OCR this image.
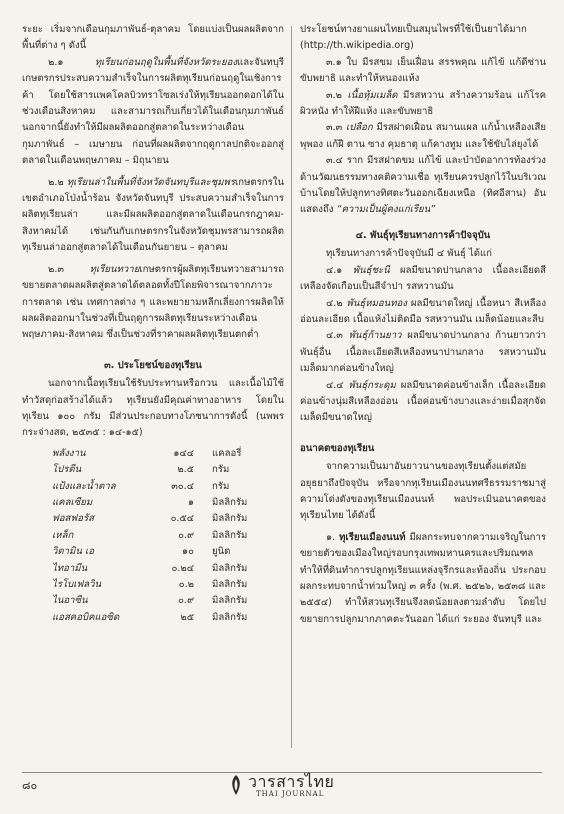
ระยะ เริ่มจากเดือนกุมภาพันธ์-ตุลาคม โดยแบ่งเป็นผลผลิตจากพื้นที่ต่าง ๆ ดังนี้

๒.๑ ทุเรียนก่อนฤดูในพื้นที่จังหวัดระยองและจันทบุรี เกษตรกรประสบความสำเร็จในการผลิตทุเรียนก่อนฤดูในเชิงการค้า โดยใช้สารแพคโคลบิวทราโซลเร่งให้ทุเรียนออกดอกได้ในช่วงเดือนสิงหาคม และสามารถเก็บเกี่ยวได้ในเดือนกุมภาพันธ์ นอกจากนี้ยังทำให้มีผลผลิตออกสู่ตลาดในระหว่างเดือนกุมภาพันธ์ – เมษายน ก่อนที่ผลผลิตจากฤดูกาลปกติจะออกสู่ตลาดในเดือนพฤษภาคม – มิถุนายน

๒.๒ ทุเรียนล่าในพื้นที่จังหวัดจันทบุรีและชุมพรเกษตรกรในเขตอำเภอโป่งน้ำร้อน จังหวัดจันทบุรี ประสบความสำเร็จในการผลิตทุเรียนล่า และมีผลผลิตออกสู่ตลาดในเดือนกรกฎาคม-สิงหาคมได้ เช่นกันกับเกษตรกรในจังหวัดชุมพรสามารถผลิตทุเรียนล่าออกสู่ตลาดได้ในเดือนกันยายน – ตุลาคม

๒.๓ ทุเรียนทวายเกษตรกรผู้ผลิตทุเรียนทวายสามารถขยายตลาดผลผลิตสู่ตลาดได้ตลอดทั้งปีโดยพิจารณาจากภาวะการตลาด เช่น เทศกาลต่าง ๆ และพยายามหลีกเลี่ยงการผลิตให้ผลผลิตออกมาในช่วงที่เป็นฤดูการผลิตทุเรียนระหว่างเดือนพฤษภาคม-สิงหาคม ซึ่งเป็นช่วงที่ราคาผลผลิตทุเรียนตกต่ำ

๓. ประโยชน์ของทุเรียน

นอกจากเนื้อทุเรียนใช้รับประทานหรือกวน และเนื้อไม้ใช้ทำวัสดุก่อสร้างได้แล้ว ทุเรียนยังมีคุณค่าทางอาหาร โดยในทุเรียน ๑๐๐ กรัม มีส่วนประกอบทางโภชนาการดังนี้ (นพพร กระจ่างสด, ๒๕๓๕ : ๑๔-๑๕)

พลังงาน	๑๔๔	แคลอรี่
โปรตีน	๒.๕	กรัม
แป้งและน้ำตาล	๓๐.๔	กรัม
แคลเซียม	๑	มิลลิกรัม
ฟอสฟอรัส	๐.๕๔	มิลลิกรัม
เหล็ก	๐.๙	มิลลิกรัม
วิตามิน เอ	๑๐	ยูนิต
ไทอามีน	๐.๒๔	มิลลิกรัม
ไรโบเฟลวิน	๐.๒	มิลลิกรัม
ไนอาซีน	๐.๙	มิลลิกรัม
แอสคอบิคแอซิด	๒๕	มิลลิกรัม

ประโยชน์ทางยาแผนไทยเป็นสมุนไพรที่ใช้เป็นยาได้มาก (http://th.wikipedia.org)

๓.๑ ใบ มีรสขม เย็นเฝื่อน สรรพคุณ แก้ไข้ แก้ดีซ่าน ขับพยาธิ และทำให้หนองแห้ง

๓.๒ เนื้อหุ้มเมล็ด มีรสหวาน สร้างความร้อน แก้โรคผิวหนัง ทำให้ฝีแห้ง และขับพยาธิ

๓.๓ เปลือก มีรสฝาดเฝื่อน สมานแผล แก้น้ำเหลืองเสีย พุพอง แก้ฝี ตาน ซาง คุมธาตุ แก้คางทูม และใช้ขับไล่ยุงได้

๓.๔ ราก มีรสฝาดขม แก้ไข้ และบำบัดอาการท้องร่วง ด้านวัฒนธรรมทางคติความเชื่อ ทุเรียนควรปลูกไว้ในบริเวณบ้านโดยให้ปลูกทางทิศตะวันออกเฉียงเหนือ (ทิศอีสาน) อันแสดงถึง “ความเป็นผู้คงแก่เรียน”

๔. พันธุ์ทุเรียนทางการค้าปัจจุบัน

ทุเรียนทางการค้าปัจจุบันมี ๔ พันธุ์ ได้แก่

๔.๑ พันธุ์ชะนี ผลมีขนาดปานกลาง เนื้อละเอียดสีเหลืองจัดเกือบเป็นสีจำปา รสหวานมัน

๔.๒ พันธุ์หมอนทอง ผลมีขนาดใหญ่ เนื้อหนา สีเหลืองอ่อนละเอียด เนื้อแห้งไม่ติดมือ รสหวานมัน เมล็ดน้อยและลีบ

๔.๓ พันธุ์ก้านยาว ผลมีขนาดปานกลาง ก้านยาวกว่าพันธุ์อื่น เนื้อละเอียดสีเหลืองหนาปานกลาง รสหวานมัน เมล็ดมากค่อนข้างใหญ่

๔.๔ พันธุ์กระดุม ผลมีขนาดค่อนข้างเล็ก เนื้อละเอียดค่อนข้างนุ่มสีเหลืองอ่อน เนื้อค่อนข้างบางและง่ายเมื่อสุกจัด เมล็ดมีขนาดใหญ่

อนาคตของทุเรียน

จากความเป็นมาอันยาวนานของทุเรียนตั้งแต่สมัยอยุธยาถึงปัจจุบัน หรือจากทุเรียนเมืองนนทศรีธรรมราชมาสู่ความโด่งดังของทุเรียนเมืองนนท์ พอประเมินอนาคตของทุเรียนไทย ได้ดังนี้

๑. ทุเรียนเมืองนนท์ มีผลกระทบจากความเจริญในการขยายตัวของเมืองใหญ่รอบกรุงเทพมหานครและปริมณฑล ทำให้ที่ดินทำการปลูกทุเรียนแหล่งจุรีกรและท้องถิ่น ประกอบผลกระทบจากน้ำท่วมใหญ่ ๓ ครั้ง (พ.ศ. ๒๕๒๖, ๒๕๓๘ และ ๒๕๕๔) ทำให้สวนทุเรียนจึงลดน้อยลงตามลำดับ โดยไปขยายการปลูกมากภาคตะวันออก ได้แก่ ระยอง จันทบุรี และ

๘๐	วารสารไทย
THAI JOURNAL
